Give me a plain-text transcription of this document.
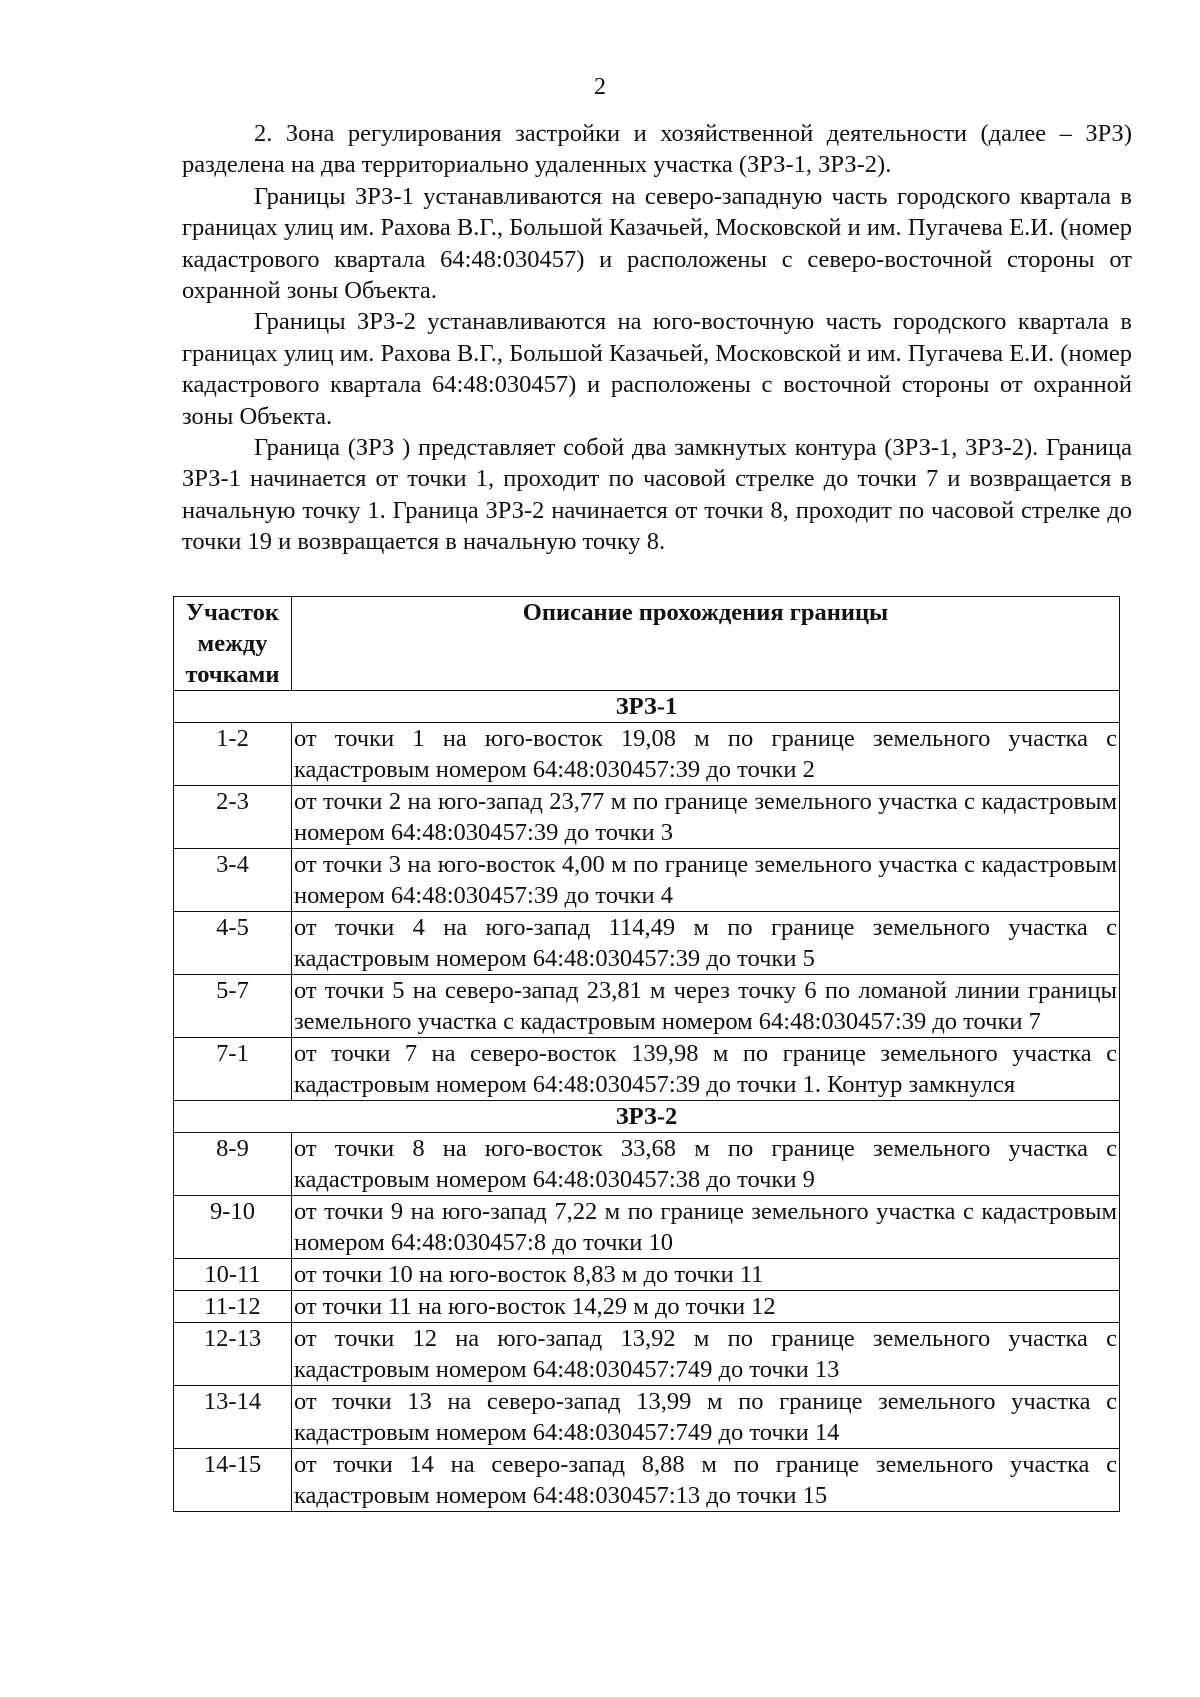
2

2. Зона регулирования застройки и хозяйственной деятельности (далее – ЗРЗ) разделена на два территориально удаленных участка (ЗРЗ-1, ЗРЗ-2).

Границы ЗРЗ-1 устанавливаются на северо-западную часть городского квартала в границах улиц им. Рахова В.Г., Большой Казачьей, Московской и им. Пугачева Е.И. (номер кадастрового квартала 64:48:030457) и расположены с северо-восточной стороны от охранной зоны Объекта.

Границы ЗРЗ-2 устанавливаются на юго-восточную часть городского квартала в границах улиц им. Рахова В.Г., Большой Казачьей, Московской и им. Пугачева Е.И. (номер кадастрового квартала 64:48:030457) и расположены с восточной стороны от охранной зоны Объекта.

Граница (ЗРЗ ) представляет собой два замкнутых контура (ЗРЗ-1, ЗРЗ-2). Граница ЗРЗ-1 начинается от точки 1, проходит по часовой стрелке до точки 7 и возвращается в начальную точку 1. Граница ЗРЗ-2 начинается от точки 8, проходит по часовой стрелке до точки 19 и возвращается в начальную точку 8.

Участок между точками	Описание прохождения границы
ЗРЗ-1	
1-2	от точки 1 на юго-восток 19,08 м по границе земельного участка с кадастровым номером 64:48:030457:39 до точки 2
2-3	от точки 2 на юго-запад 23,77 м по границе земельного участка с кадастровым номером 64:48:030457:39 до точки 3
3-4	от точки 3 на юго-восток 4,00 м по границе земельного участка с кадастровым номером 64:48:030457:39 до точки 4
4-5	от точки 4 на юго-запад 114,49 м по границе земельного участка с кадастровым номером 64:48:030457:39 до точки 5
5-7	от точки 5 на северо-запад 23,81 м через точку 6 по ломаной линии границы земельного участка с кадастровым номером 64:48:030457:39 до точки 7
7-1	от точки 7 на северо-восток 139,98 м по границе земельного участка с кадастровым номером 64:48:030457:39 до точки 1. Контур замкнулся
ЗРЗ-2	
8-9	от точки 8 на юго-восток 33,68 м по границе земельного участка с кадастровым номером 64:48:030457:38 до точки 9
9-10	от точки 9 на юго-запад 7,22 м по границе земельного участка с кадастровым номером 64:48:030457:8 до точки 10
10-11	от точки 10 на юго-восток 8,83 м до точки 11
11-12	от точки 11 на юго-восток 14,29 м до точки 12
12-13	от точки 12 на юго-запад 13,92 м по границе земельного участка с кадастровым номером 64:48:030457:749 до точки 13
13-14	от точки 13 на северо-запад 13,99 м по границе земельного участка с кадастровым номером 64:48:030457:749 до точки 14
14-15	от точки 14 на северо-запад 8,88 м по границе земельного участка с кадастровым номером 64:48:030457:13 до точки 15
